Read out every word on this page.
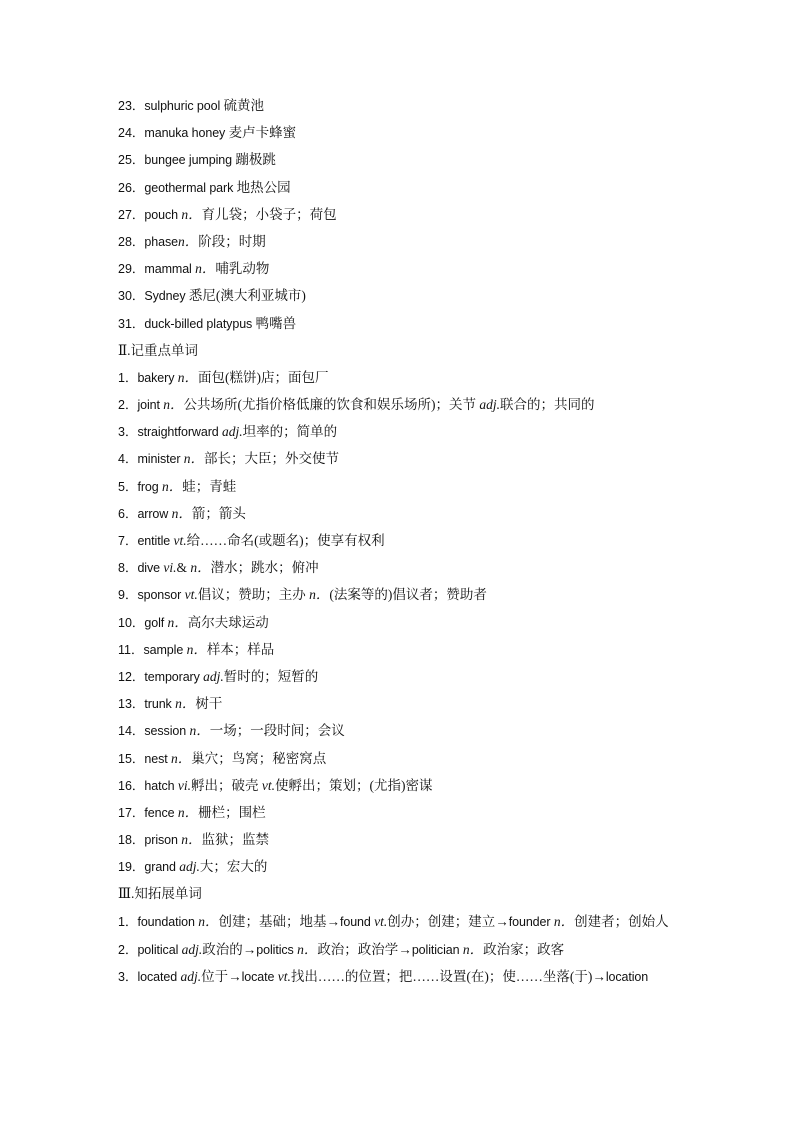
23．sulphuric pool 硫黄池
24．manuka honey 麦卢卡蜂蜜
25．bungee jumping 蹦极跳
26．geothermal park 地热公园
27．pouch n．育儿袋；小袋子；荷包
28．phasen．阶段；时期
29．mammal n．哺乳动物
30．Sydney 悉尼(澳大利亚城市)
31．duck-billed platypus 鸭嘴兽
Ⅱ.记重点单词
1．bakery n．面包(糕饼)店；面包厂
2．joint n．公共场所(尤指价格低廉的饮食和娱乐场所)；关节 adj.联合的；共同的
3．straightforward adj.坦率的；简单的
4．minister n．部长；大臣；外交使节
5．frog n．蛙；青蛙
6．arrow n．箭；箭头
7．entitle vt.给……命名(或题名)；使享有权利
8．dive vi.& n．潜水；跳水；俯冲
9．sponsor vt.倡议；赞助；主办 n．(法案等的)倡议者；赞助者
10．golf n．高尔夫球运动
11．sample n．样本；样品
12．temporary adj.暂时的；短暂的
13．trunk n．树干
14．session n．一场；一段时间；会议
15．nest n．巢穴；鸟窝；秘密窝点
16．hatch vi.孵出；破壳 vt.使孵出；策划；(尤指)密谋
17．fence n．栅栏；围栏
18．prison n．监狱；监禁
19．grand adj.大；宏大的
Ⅲ.知拓展单词
1．foundation n．创建；基础；地基→found vt.创办；创建；建立→founder n．创建者；创始人
2．political adj.政治的→politics n．政治；政治学→politician n．政治家；政客
3．located adj.位于→locate vt.找出……的位置；把……设置(在)；使……坐落(于)→location
